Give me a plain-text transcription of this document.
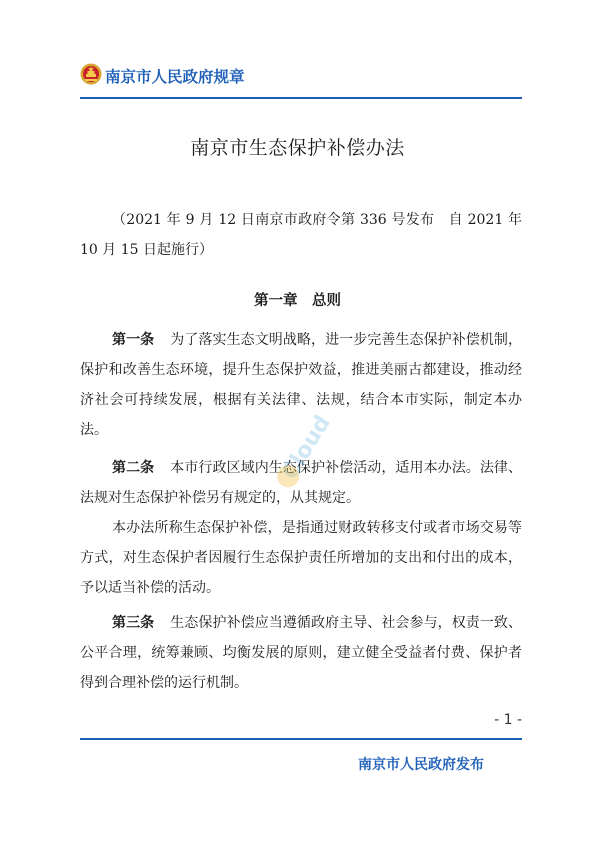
南京市人民政府规章
南京市生态保护补偿办法
（2021 年 9 月 12 日南京市政府令第 336 号发布　自 2021 年 10 月 15 日起施行）
第一章　总则
第一条 为了落实生态文明战略，进一步完善生态保护补偿机制，保护和改善生态环境，提升生态保护效益，推进美丽古都建设，推动经济社会可持续发展，根据有关法律、法规，结合本市实际，制定本办法。
第二条 本市行政区域内生态保护补偿活动，适用本办法。法律、法规对生态保护补偿另有规定的，从其规定。
本办法所称生态保护补偿，是指通过财政转移支付或者市场交易等方式，对生态保护者因履行生态保护责任所增加的支出和付出的成本，予以适当补偿的活动。
第三条 生态保护补偿应当遵循政府主导、社会参与，权责一致、公平合理，统筹兼顾、均衡发展的原则，建立健全受益者付费、保护者得到合理补偿的运行机制。
Cloud
- 1 -
南京市人民政府发布
